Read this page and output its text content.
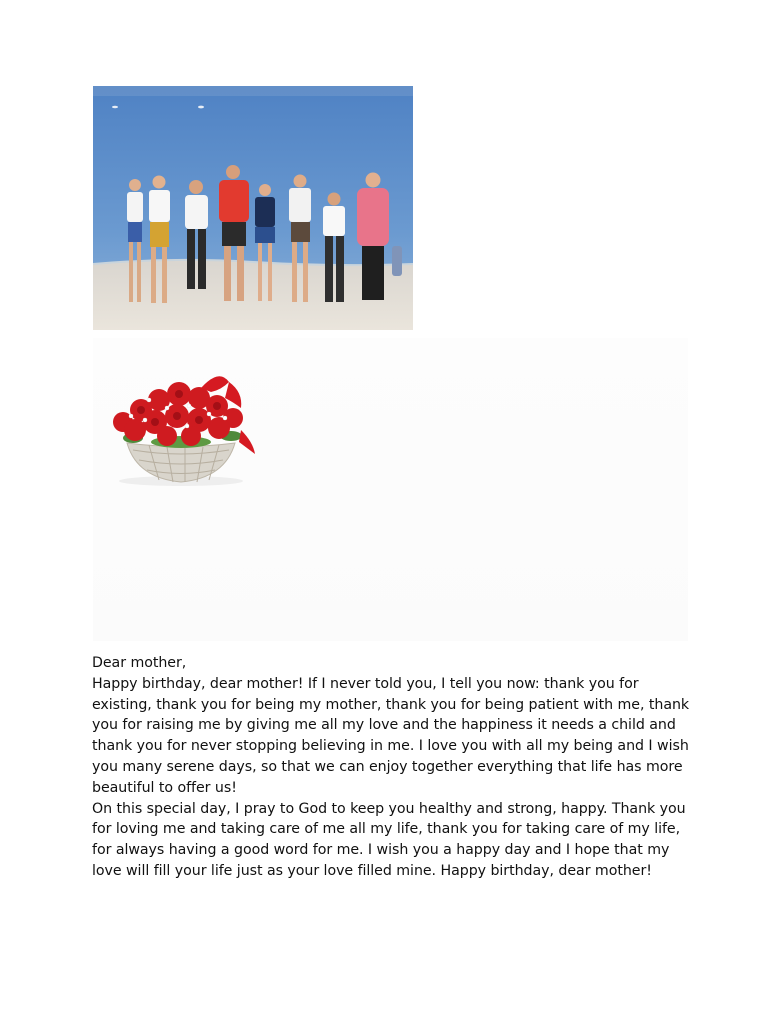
Dear mother,

Happy birthday, dear mother! If I never told you, I tell you now: thank you for existing, thank you for being my mother, thank you for being patient with me, thank you for raising me by giving me all my love and the happiness it needs a child and thank you for never stopping believing in me. I love you with all my being and I wish you many serene days, so that we can enjoy together everything that life has more beautiful to offer us!

On this special day, I pray to God to keep you healthy and strong, happy. Thank you for loving me and taking care of me all my life, thank you for taking care of my life, for always having a good word for me. I wish you a happy day and I hope that my love will fill your life just as your love filled mine. Happy birthday, dear mother!
